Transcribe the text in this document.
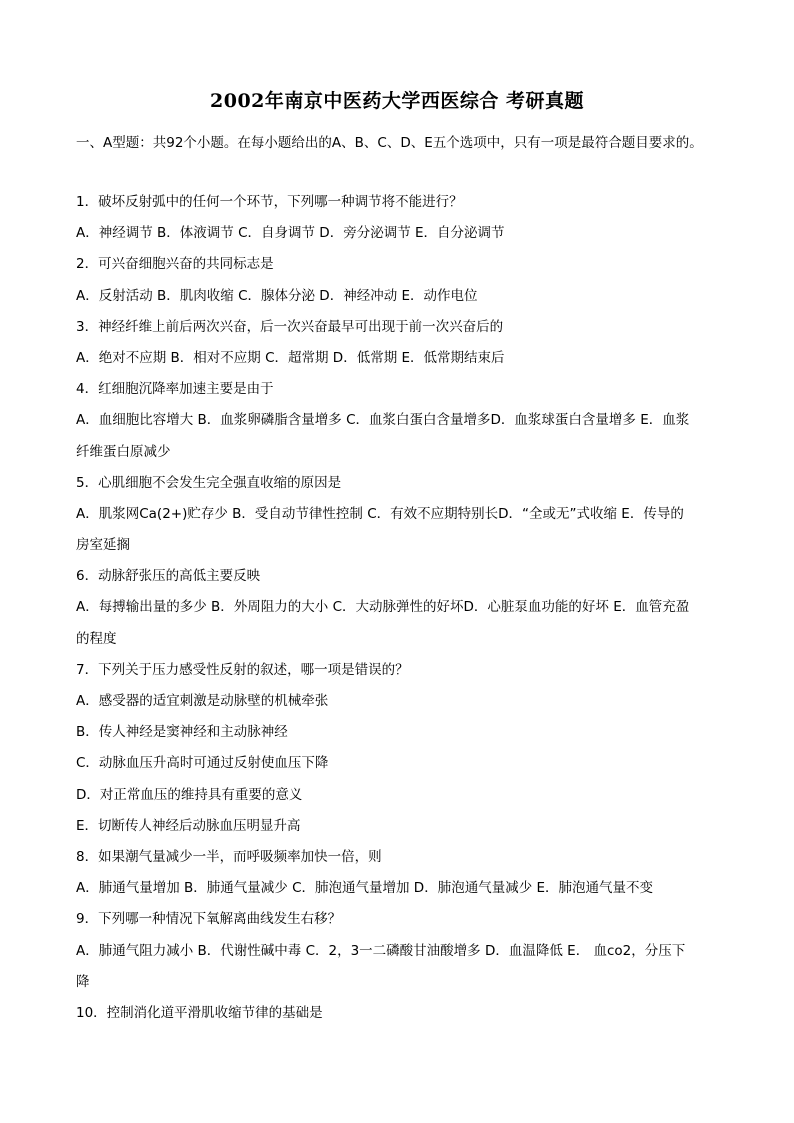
2002年南京中医药大学西医综合 考研真题
一、A型题：共92个小题。在每小题给出的A、B、C、D、E五个选项中，只有一项是最符合题目要求的。
1．破坏反射弧中的任何一个环节，下列哪一种调节将不能进行？
A．神经调节 B．体液调节 C．自身调节 D．旁分泌调节 E．自分泌调节
2．可兴奋细胞兴奋的共同标志是
A．反射活动 B．肌肉收缩 C．腺体分泌 D．神经冲动 E．动作电位
3．神经纤维上前后两次兴奋，后一次兴奋最早可出现于前一次兴奋后的
A．绝对不应期 B．相对不应期 C．超常期 D．低常期 E．低常期结束后
4．红细胞沉降率加速主要是由于
A．血细胞比容增大 B．血浆卵磷脂含量增多 C．血浆白蛋白含量增多D．血浆球蛋白含量增多 E．血浆
纤维蛋白原减少
5．心肌细胞不会发生完全强直收缩的原因是
A．肌浆网Ca(2+)贮存少 B．受自动节律性控制 C．有效不应期特别长D．“全或无”式收缩 E．传导的
房室延搁
6．动脉舒张压的高低主要反映
A．每搏输出量的多少 B．外周阻力的大小 C．大动脉弹性的好坏D．心脏泵血功能的好坏 E．血管充盈
的程度
7．下列关于压力感受性反射的叙述，哪一项是错误的？
A．感受器的适宜刺激是动脉壁的机械牵张
B．传人神经是窦神经和主动脉神经
C．动脉血压升高时可通过反射使血压下降
D．对正常血压的维持具有重要的意义
E．切断传人神经后动脉血压明显升高
8．如果潮气量减少一半，而呼吸频率加快一倍，则
A．肺通气量增加 B．肺通气量减少 C．肺泡通气量增加 D．肺泡通气量减少 E．肺泡通气量不变
9．下列哪一种情况下氧解离曲线发生右移？
A．肺通气阻力减小 B．代谢性碱中毒 C．2，3一二磷酸甘油酸增多 D．血温降低 E． 血co2，分压下
降
10．控制消化道平滑肌收缩节律的基础是
